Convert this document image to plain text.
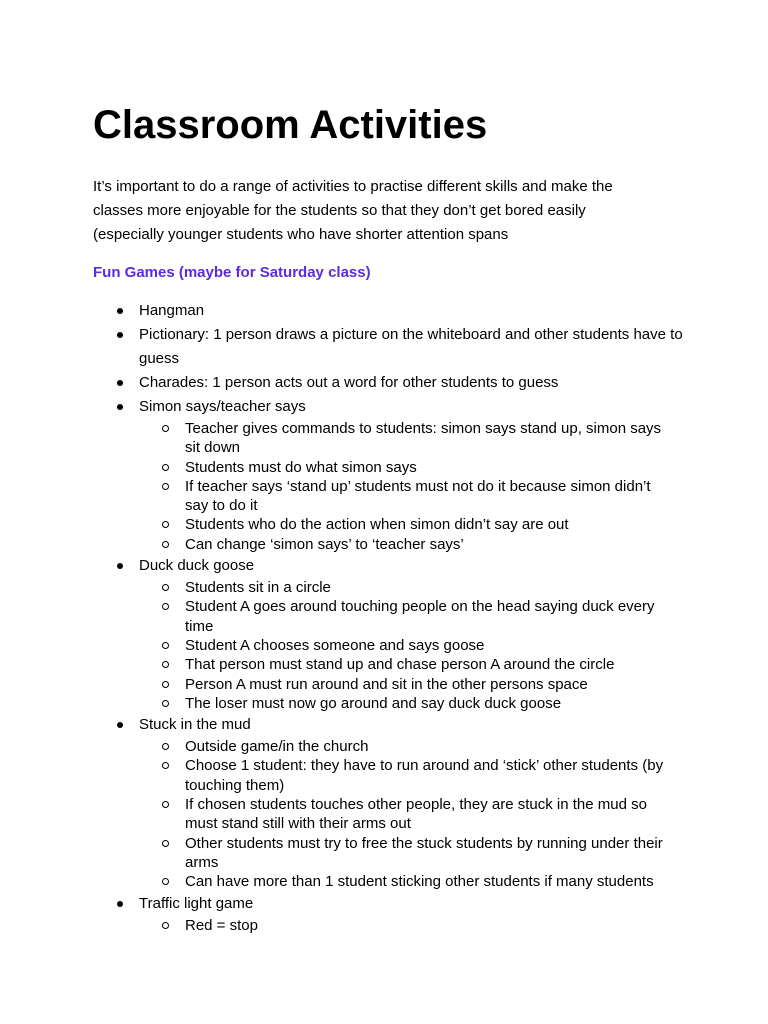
Classroom Activities

It’s important to do a range of activities to practise different skills and make the
classes more enjoyable for the students so that they don’t get bored easily
(especially younger students who have shorter attention spans

Fun Games (maybe for Saturday class)
Hangman
Pictionary: 1 person draws a picture on the whiteboard and other students have to guess
Charades: 1 person acts out a word for other students to guess
Simon says/teacher says
Teacher gives commands to students: simon says stand up, simon says sit down
Students must do what simon says
If teacher says ‘stand up’ students must not do it because simon didn’t say to do it
Students who do the action when simon didn’t say are out
Can change ‘simon says’ to ‘teacher says’
Duck duck goose
Students sit in a circle
Student A goes around touching people on the head saying duck every time
Student A chooses someone and says goose
That person must stand up and chase person A around the circle
Person A must run around and sit in the other persons space
The loser must now go around and say duck duck goose
Stuck in the mud
Outside game/in the church
Choose 1 student: they have to run around and ‘stick’ other students (by touching them)
If chosen students touches other people, they are stuck in the mud so must stand still with their arms out
Other students must try to free the stuck students by running under their arms
Can have more than 1 student sticking other students if many students
Traffic light game
Red = stop
